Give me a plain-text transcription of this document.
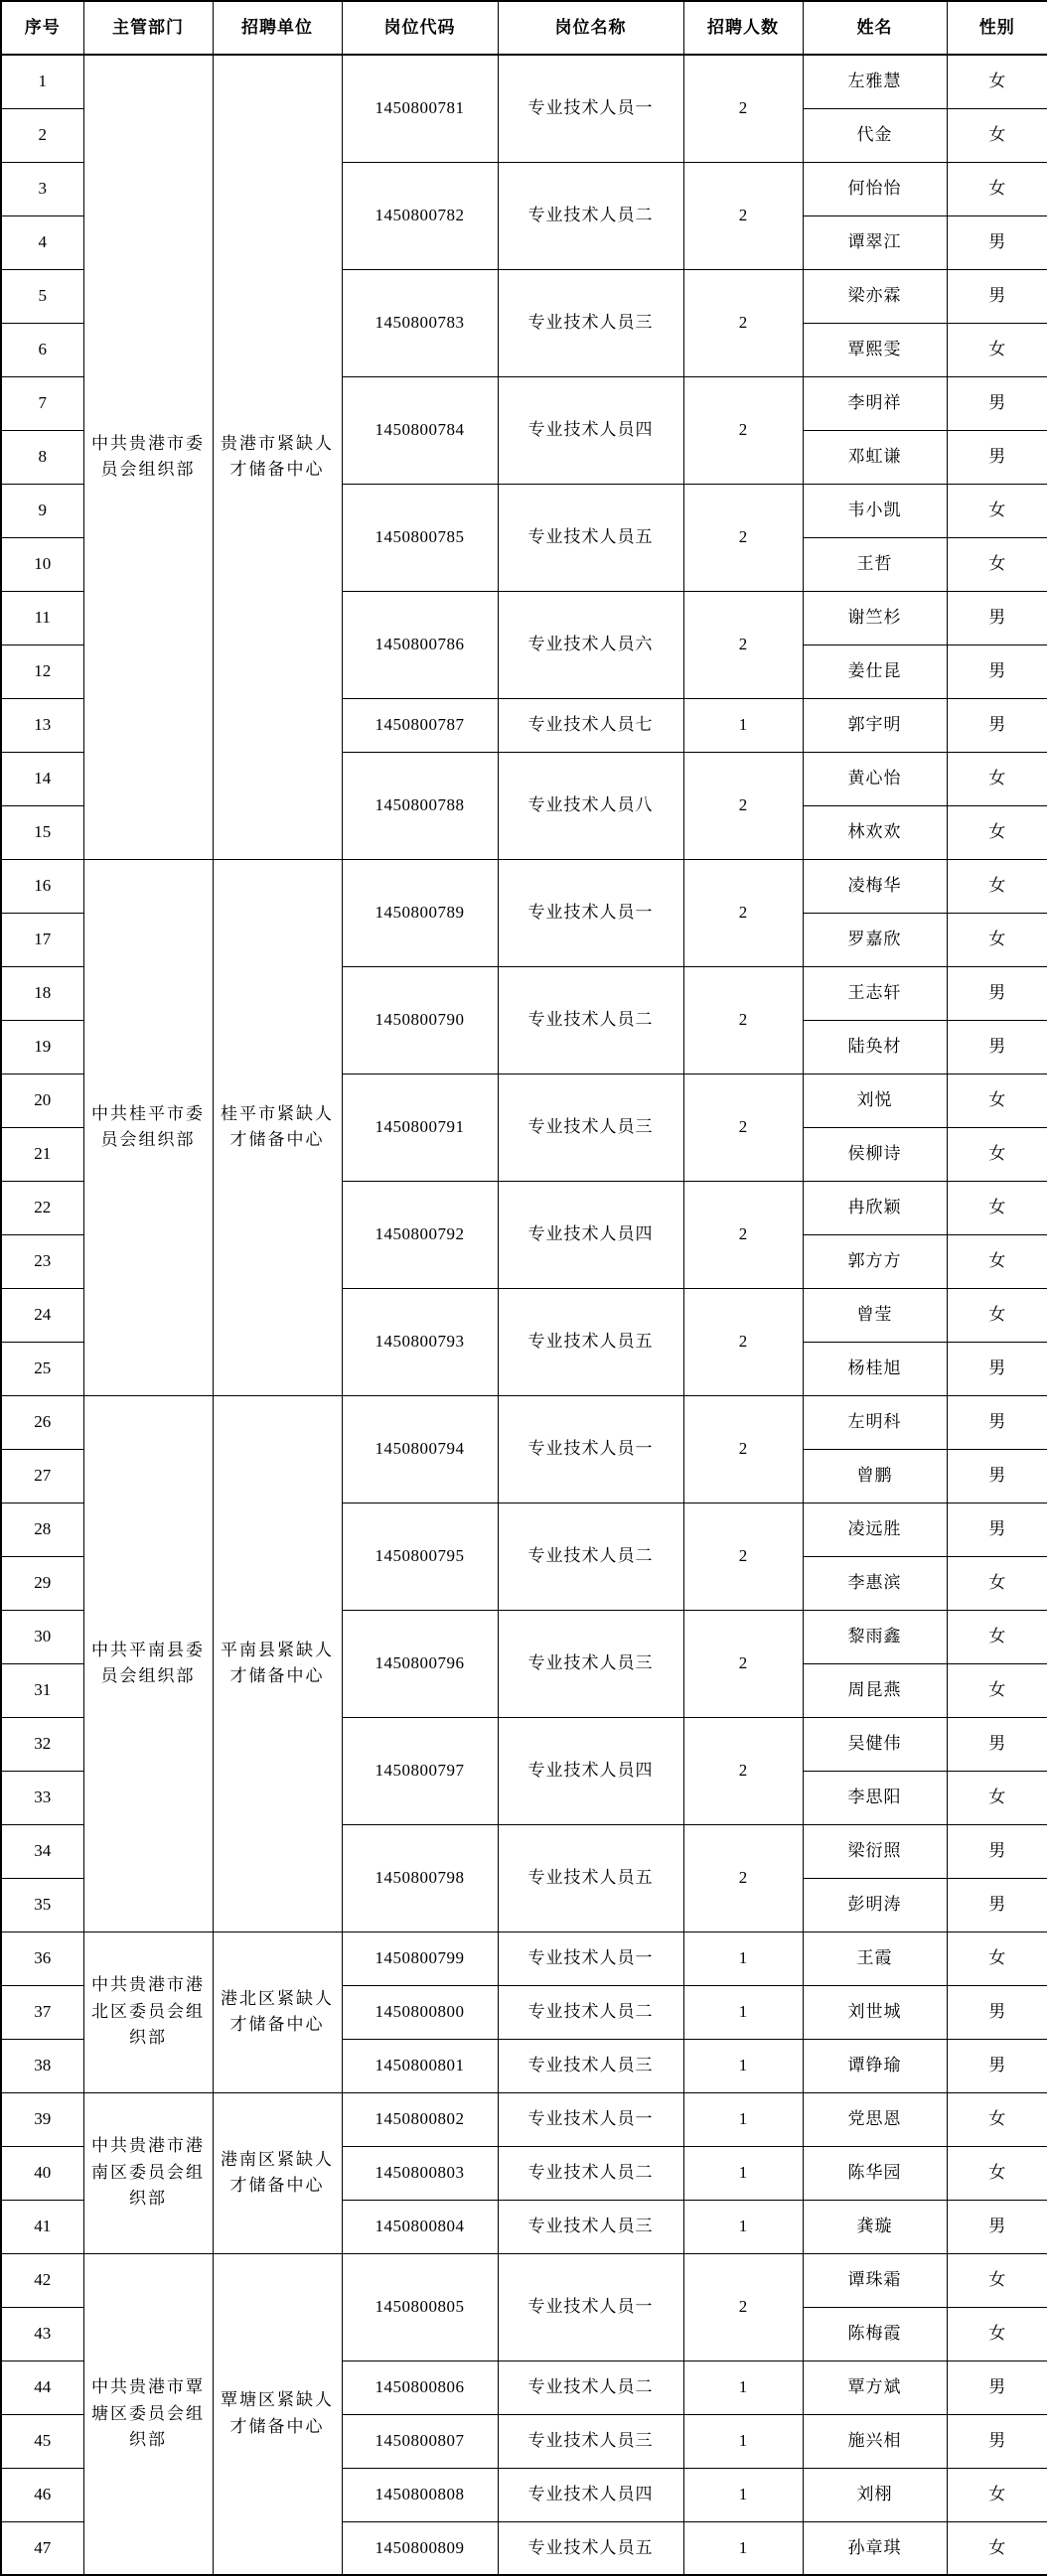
序号	主管部门	招聘单位	岗位代码	岗位名称	招聘人数	姓名	性别
1	中共贵港市委员会组织部	贵港市紧缺人才储备中心	1450800781	专业技术人员一	2	左雅慧	女
2						代金	女
3			1450800782	专业技术人员二	2	何怡怡	女
4						谭翠江	男
5			1450800783	专业技术人员三	2	梁亦霖	男
6						覃熙雯	女
7			1450800784	专业技术人员四	2	李明祥	男
8						邓虹谦	男
9			1450800785	专业技术人员五	2	韦小凯	女
10						王哲	女
11			1450800786	专业技术人员六	2	谢竺杉	男
12						姜仕昆	男
13			1450800787	专业技术人员七	1	郭宇明	男
14			1450800788	专业技术人员八	2	黄心怡	女
15						林欢欢	女
16	中共桂平市委员会组织部	桂平市紧缺人才储备中心	1450800789	专业技术人员一	2	凌梅华	女
17						罗嘉欣	女
18			1450800790	专业技术人员二	2	王志轩	男
19						陆奂材	男
20			1450800791	专业技术人员三	2	刘悦	女
21						侯柳诗	女
22			1450800792	专业技术人员四	2	冉欣颖	女
23						郭方方	女
24			1450800793	专业技术人员五	2	曾莹	女
25						杨桂旭	男
26	中共平南县委员会组织部	平南县紧缺人才储备中心	1450800794	专业技术人员一	2	左明科	男
27						曾鹏	男
28			1450800795	专业技术人员二	2	凌远胜	男
29						李惠滨	女
30			1450800796	专业技术人员三	2	黎雨鑫	女
31						周昆燕	女
32			1450800797	专业技术人员四	2	吴健伟	男
33						李思阳	女
34			1450800798	专业技术人员五	2	梁衍照	男
35						彭明涛	男
36	中共贵港市港北区委员会组织部	港北区紧缺人才储备中心	1450800799	专业技术人员一	1	王霞	女
37			1450800800	专业技术人员二	1	刘世城	男
38			1450800801	专业技术人员三	1	谭铮瑜	男
39	中共贵港市港南区委员会组织部	港南区紧缺人才储备中心	1450800802	专业技术人员一	1	党思恩	女
40			1450800803	专业技术人员二	1	陈华园	女
41			1450800804	专业技术人员三	1	龚璇	男
42	中共贵港市覃塘区委员会组织部	覃塘区紧缺人才储备中心	1450800805	专业技术人员一	2	谭珠霜	女
43						陈梅霞	女
44			1450800806	专业技术人员二	1	覃方斌	男
45			1450800807	专业技术人员三	1	施兴相	男
46			1450800808	专业技术人员四	1	刘栩	女
47			1450800809	专业技术人员五	1	孙章琪	女
